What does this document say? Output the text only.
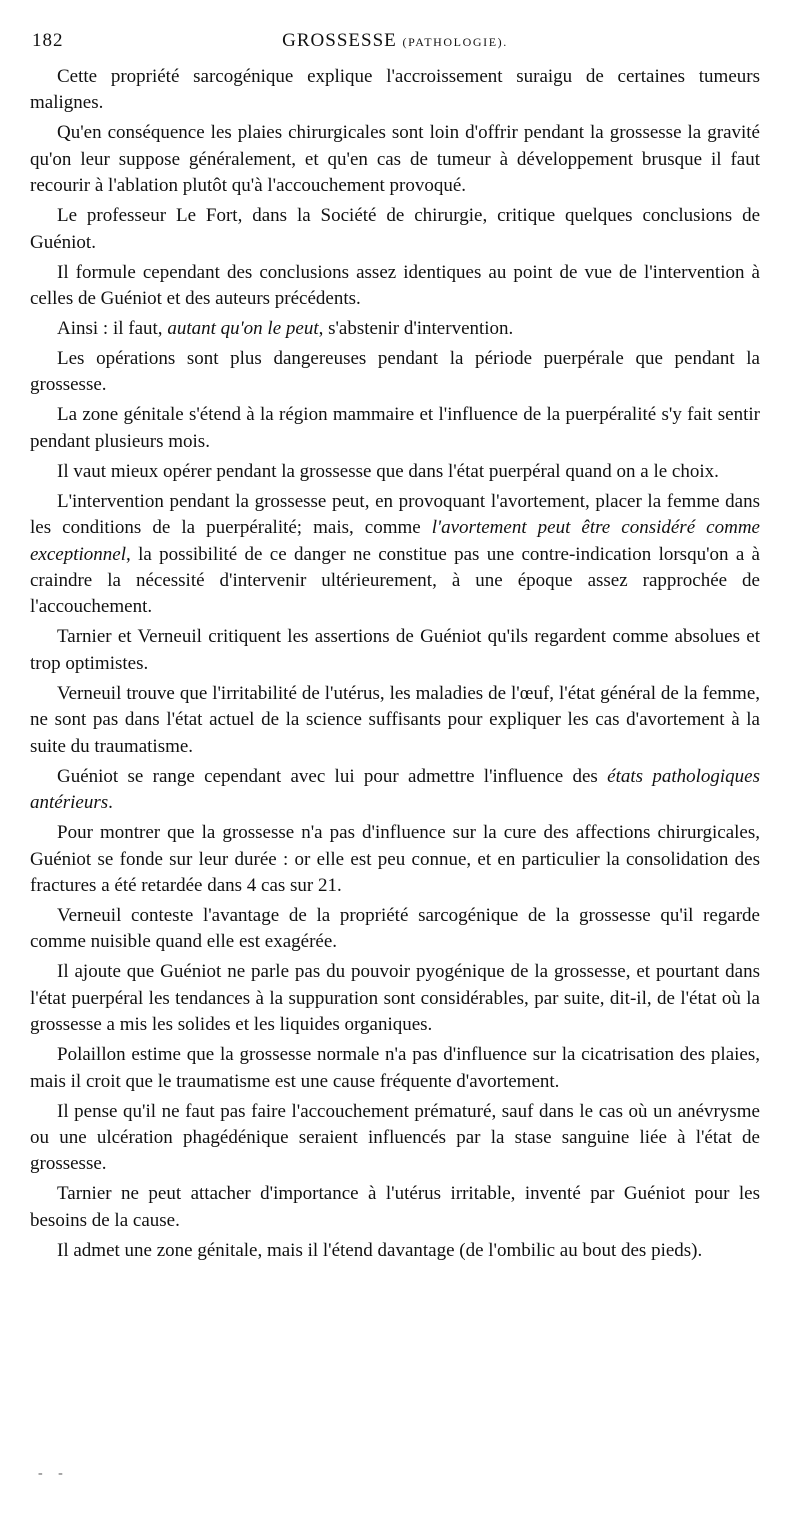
182	GROSSESSE (PATHOLOGIE).

Cette propriété sarcogénique explique l'accroissement suraigu de certaines tumeurs malignes.

Qu'en conséquence les plaies chirurgicales sont loin d'offrir pendant la grossesse la gravité qu'on leur suppose généralement, et qu'en cas de tumeur à développement brusque il faut recourir à l'ablation plutôt qu'à l'accouchement provoqué.

Le professeur Le Fort, dans la Société de chirurgie, critique quelques conclusions de Guéniot.

Il formule cependant des conclusions assez identiques au point de vue de l'intervention à celles de Guéniot et des auteurs précédents.

Ainsi : il faut, autant qu'on le peut, s'abstenir d'intervention.

Les opérations sont plus dangereuses pendant la période puerpérale que pendant la grossesse.

La zone génitale s'étend à la région mammaire et l'influence de la puerpéralité s'y fait sentir pendant plusieurs mois.

Il vaut mieux opérer pendant la grossesse que dans l'état puerpéral quand on a le choix.

L'intervention pendant la grossesse peut, en provoquant l'avortement, placer la femme dans les conditions de la puerpéralité; mais, comme l'avortement peut être considéré comme exceptionnel, la possibilité de ce danger ne constitue pas une contre-indication lorsqu'on a à craindre la nécessité d'intervenir ultérieurement, à une époque assez rapprochée de l'accouchement.

Tarnier et Verneuil critiquent les assertions de Guéniot qu'ils regardent comme absolues et trop optimistes.

Verneuil trouve que l'irritabilité de l'utérus, les maladies de l'œuf, l'état général de la femme, ne sont pas dans l'état actuel de la science suffisants pour expliquer les cas d'avortement à la suite du traumatisme.

Guéniot se range cependant avec lui pour admettre l'influence des états pathologiques antérieurs.

Pour montrer que la grossesse n'a pas d'influence sur la cure des affections chirurgicales, Guéniot se fonde sur leur durée : or elle est peu connue, et en particulier la consolidation des fractures a été retardée dans 4 cas sur 21.

Verneuil conteste l'avantage de la propriété sarcogénique de la grossesse qu'il regarde comme nuisible quand elle est exagérée.

Il ajoute que Guéniot ne parle pas du pouvoir pyogénique de la grossesse, et pourtant dans l'état puerpéral les tendances à la suppuration sont considérables, par suite, dit-il, de l'état où la grossesse a mis les solides et les liquides organiques.

Polaillon estime que la grossesse normale n'a pas d'influence sur la cicatrisation des plaies, mais il croit que le traumatisme est une cause fréquente d'avortement.

Il pense qu'il ne faut pas faire l'accouchement prématuré, sauf dans le cas où un anévrysme ou une ulcération phagédénique seraient influencés par la stase sanguine liée à l'état de grossesse.

Tarnier ne peut attacher d'importance à l'utérus irritable, inventé par Guéniot pour les besoins de la cause.

Il admet une zone génitale, mais il l'étend davantage (de l'ombilic au bout des pieds).

- -
